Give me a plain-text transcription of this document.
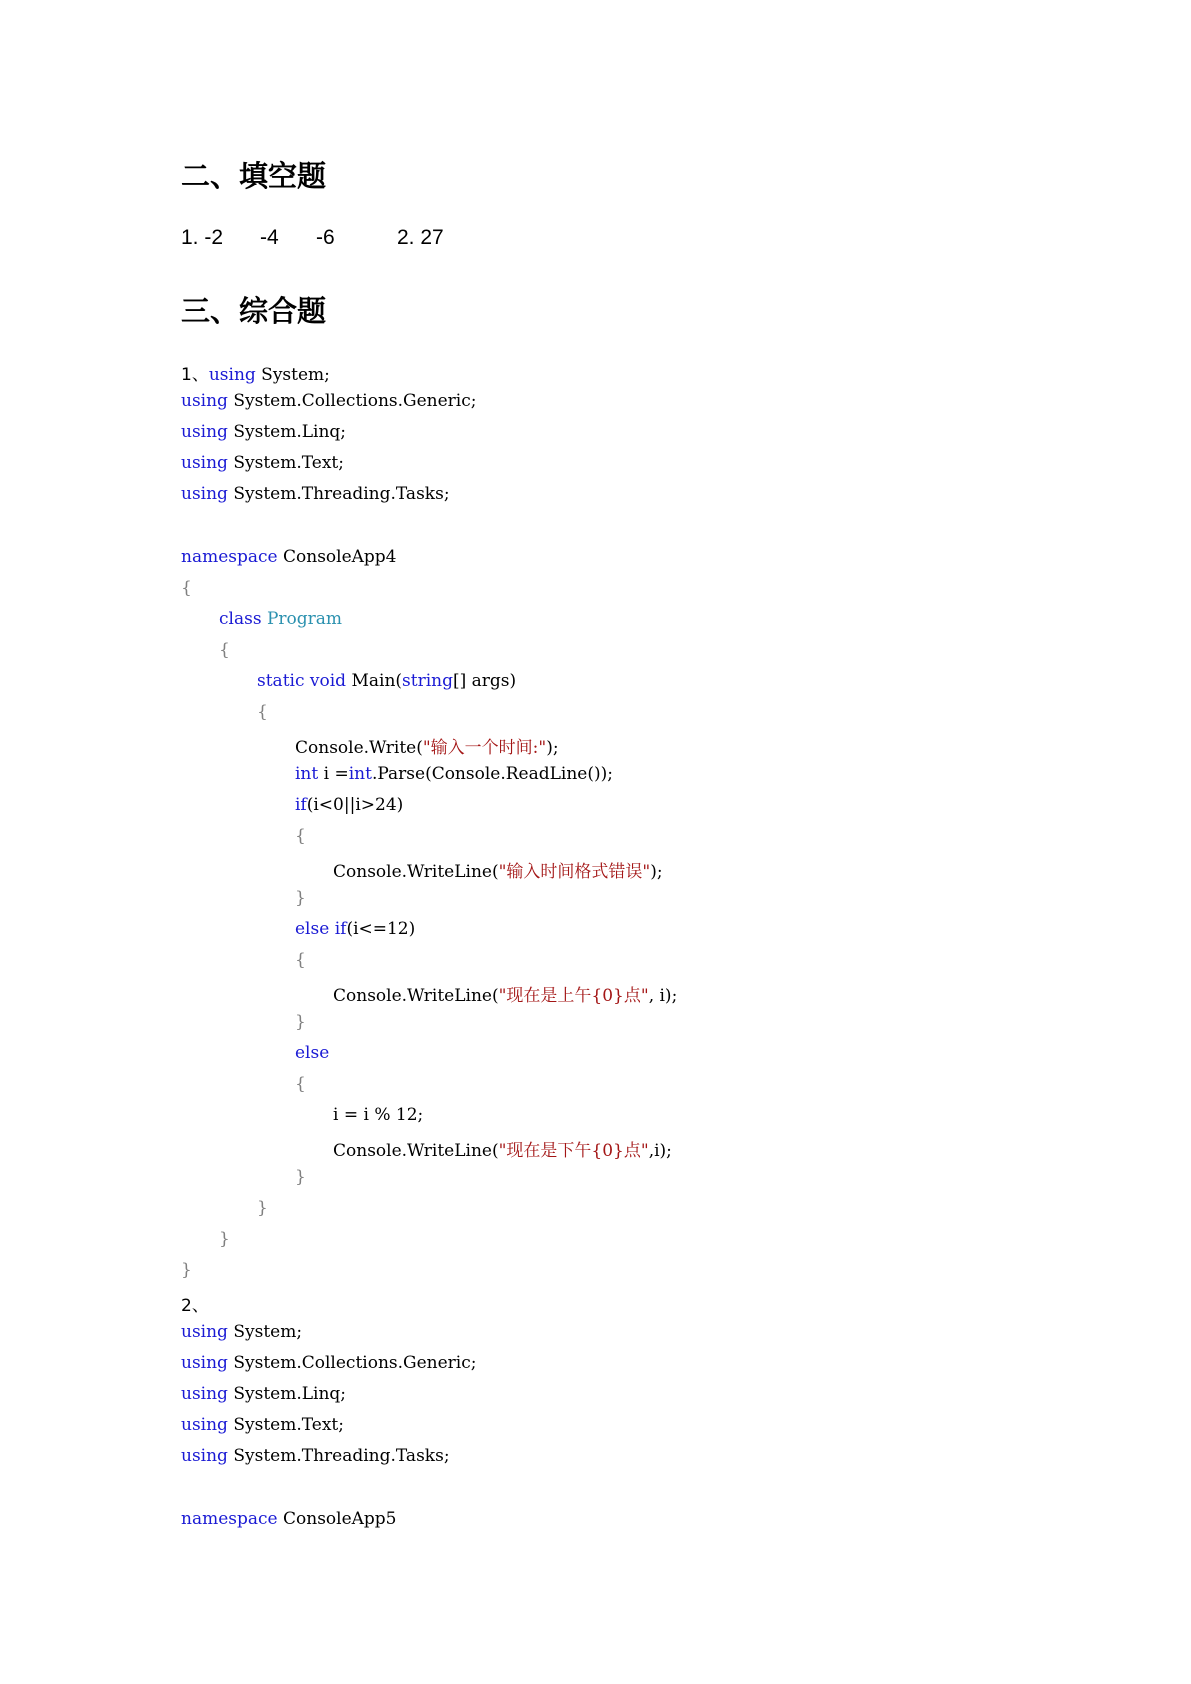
二、填空题
1. -2 -4 -6	2. 27
三、综合题

1、using System;

using System.Collections.Generic;

using System.Linq;

using System.Text;

using System.Threading.Tasks;

namespace ConsoleApp4

{

class Program

{

static void Main(string[] args)

{

Console.Write("输入一个时间:");

int i =int.Parse(Console.ReadLine());

if(i<0||i>24)

{

Console.WriteLine("输入时间格式错误");

}

else if(i<=12)

{

Console.WriteLine("现在是上午{0}点", i);

}

else

{

i = i % 12;

Console.WriteLine("现在是下午{0}点",i);

}

}

}

}

2、

using System;

using System.Collections.Generic;

using System.Linq;

using System.Text;

using System.Threading.Tasks;

namespace ConsoleApp5
